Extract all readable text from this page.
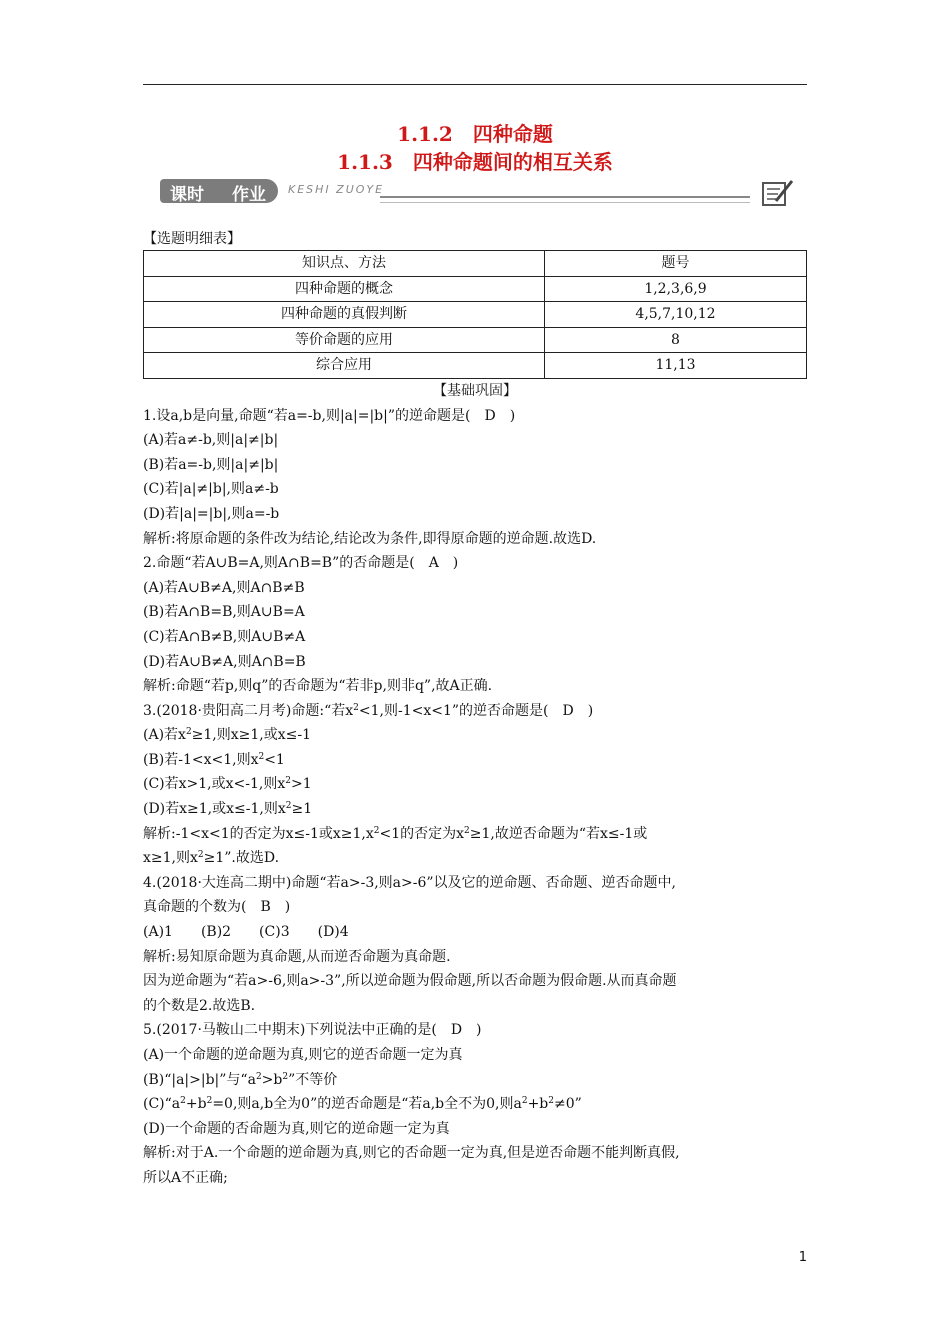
1.1.2　四种命题
1.1.3　四种命题间的相互关系
课时 作业 KESHI ZUOYE
【选题明细表】
知识点、方法	题号
四种命题的概念	1,2,3,6,9
四种命题的真假判断	4,5,7,10,12
等价命题的应用	8
综合应用	11,13
【基础巩固】
1.设a,b是向量,命题“若a=-b,则|a|=|b|”的逆命题是(　D　)
(A)若a≠-b,则|a|≠|b|
(B)若a=-b,则|a|≠|b|
(C)若|a|≠|b|,则a≠-b
(D)若|a|=|b|,则a=-b
解析:将原命题的条件改为结论,结论改为条件,即得原命题的逆命题.故选D.
2.命题“若A∪B=A,则A∩B=B”的否命题是(　A　)
(A)若A∪B≠A,则A∩B≠B
(B)若A∩B=B,则A∪B=A
(C)若A∩B≠B,则A∪B≠A
(D)若A∪B≠A,则A∩B=B
解析:命题“若p,则q”的否命题为“若非p,则非q”,故A正确.
3.(2018·贵阳高二月考)命题:“若$x^2<1$,则-1<x<1”的逆否命题是(　D　)
(A)若$x^2\ge 1$,则x≥1,或x≤-1
(B)若-1<x<1,则$x^2<1$
(C)若x>1,或x<-1,则$x^2>1$
(D)若x≥1,或x≤-1,则$x^2\ge 1$
解析:-1<x<1的否定为x≤-1或$x\ge 1,x^2<1$的否定为$x^2\ge 1$,故逆否命题为“若x≤-1或
x≥1,则$x^2\ge 1$”.故选D.
4.(2018·大连高二期中)命题“若a>-3,则a>-6”以及它的逆命题、否命题、逆否命题中,
真命题的个数为(　B　)
(A)1　　(B)2　　(C)3　　(D)4
解析:易知原命题为真命题,从而逆否命题为真命题.
因为逆命题为“若a>-6,则a>-3”,所以逆命题为假命题,所以否命题为假命题.从而真命题
的个数是2.故选B.
5.(2017·马鞍山二中期末)下列说法中正确的是(　D　)
(A)一个命题的逆命题为真,则它的逆否命题一定为真
(B)“|a|>|b|”与“$a^2>b^2$”不等价
$(C)“a^2+b^2=0$,则a,b全为0”的逆否命题是“若a,b全不为0,则$a^2+b^2\ne 0$”
(D)一个命题的否命题为真,则它的逆命题一定为真
解析:对于A.一个命题的逆命题为真,则它的否命题一定为真,但是逆否命题不能判断真假,
所以A不正确;
1
